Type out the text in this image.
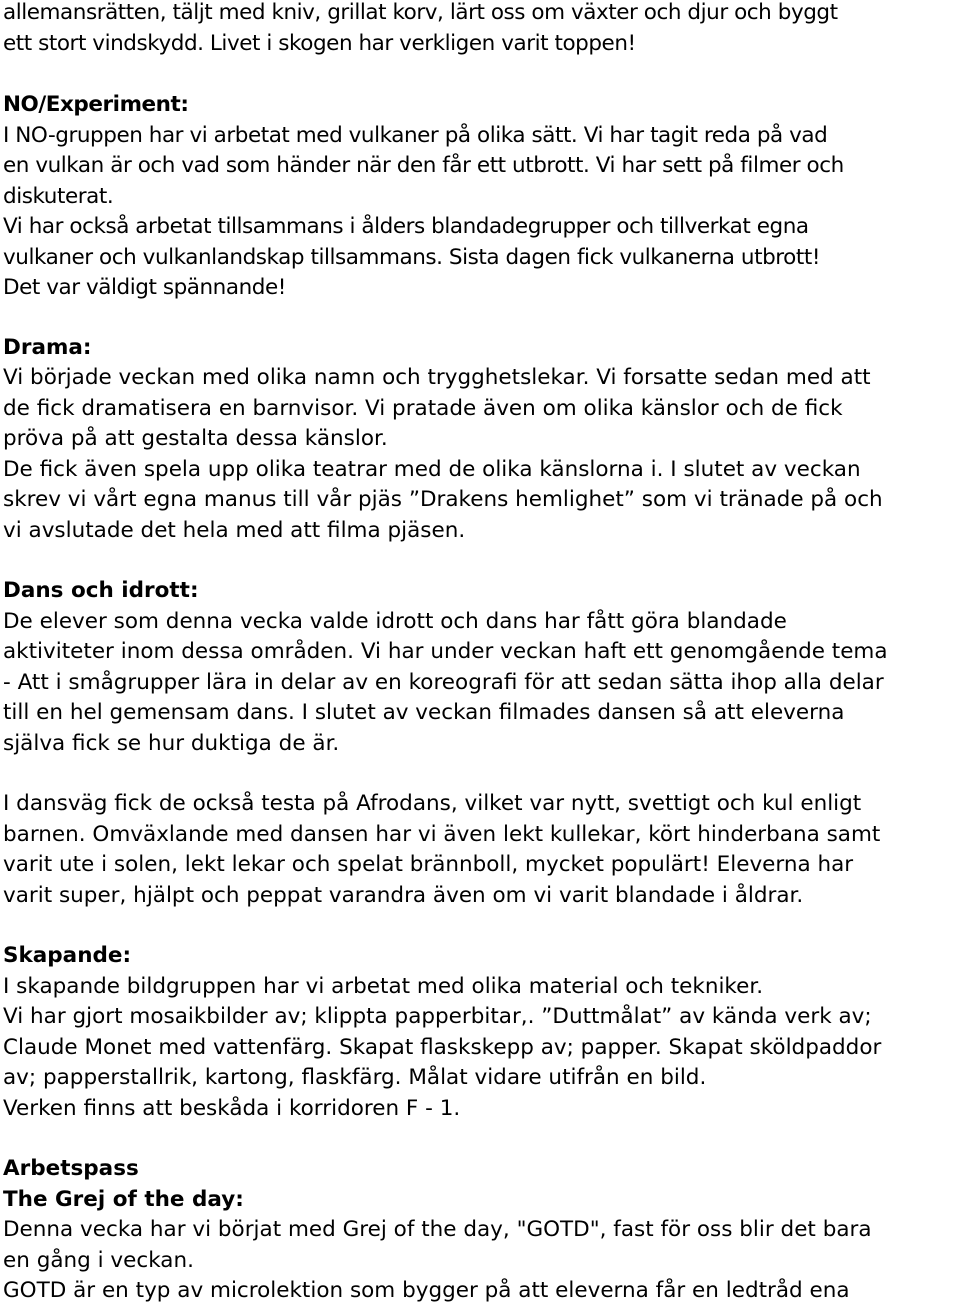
allemansrätten, täljt med kniv, grillat korv, lärt oss om växter och djur och byggt
ett stort vindskydd. Livet i skogen har verkligen varit toppen!
NO/Experiment:
I NO-gruppen har vi arbetat med vulkaner på olika sätt. Vi har tagit reda på vad
en vulkan är och vad som händer när den får ett utbrott. Vi har sett på filmer och
diskuterat.
Vi har också arbetat tillsammans i ålders blandadegrupper och tillverkat egna
vulkaner och vulkanlandskap tillsammans. Sista dagen fick vulkanerna utbrott!
Det var väldigt spännande!
Drama:
Vi började veckan med olika namn och trygghetslekar. Vi forsatte sedan med att
de fick dramatisera en barnvisor. Vi pratade även om olika känslor och de fick
pröva på att gestalta dessa känslor.
De fick även spela upp olika teatrar med de olika känslorna i. I slutet av veckan
skrev vi vårt egna manus till vår pjäs ”Drakens hemlighet” som vi tränade på och
vi avslutade det hela med att filma pjäsen.
Dans och idrott:
De elever som denna vecka valde idrott och dans har fått göra blandade
aktiviteter inom dessa områden. Vi har under veckan haft ett genomgående tema
- Att i smågrupper lära in delar av en koreografi för att sedan sätta ihop alla delar
till en hel gemensam dans. I slutet av veckan filmades dansen så att eleverna
själva fick se hur duktiga de är.
I dansväg fick de också testa på Afrodans, vilket var nytt, svettigt och kul enligt
barnen. Omväxlande med dansen har vi även lekt kullekar, kört hinderbana samt
varit ute i solen, lekt lekar och spelat brännboll, mycket populärt! Eleverna har
varit super, hjälpt och peppat varandra även om vi varit blandade i åldrar.
Skapande:
I skapande bildgruppen har vi arbetat med olika material och tekniker.
Vi har gjort mosaikbilder av; klippta papperbitar,. ”Duttmålat” av kända verk av;
Claude Monet med vattenfärg. Skapat flaskskepp av; papper. Skapat sköldpaddor
av; papperstallrik, kartong, flaskfärg. Målat vidare utifrån en bild.
Verken finns att beskåda i korridoren F - 1.
Arbetspass
The Grej of the day:
Denna vecka har vi börjat med Grej of the day, "GOTD", fast för oss blir det bara
en gång i veckan.
GOTD är en typ av microlektion som bygger på att eleverna får en ledtråd ena
